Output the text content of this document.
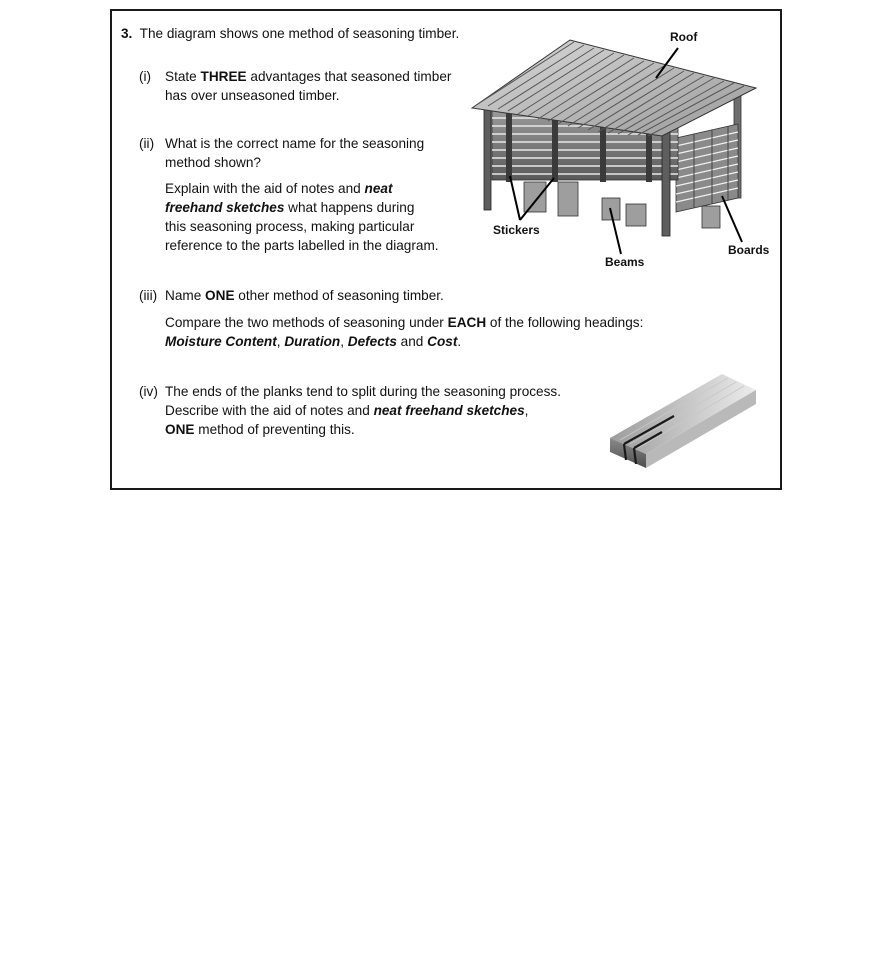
3. The diagram shows one method of seasoning timber.
(i) State THREE advantages that seasoned timber
has over unseasoned timber.
(ii) What is the correct name for the seasoning
method shown?
Explain with the aid of notes and neat
freehand sketches what happens during
this seasoning process, making particular
reference to the parts labelled in the diagram.
(iii) Name ONE other method of seasoning timber.
Compare the two methods of seasoning under EACH of the following headings:
Moisture Content, Duration, Defects and Cost.
(iv) The ends of the planks tend to split during the seasoning process.
Describe with the aid of notes and neat freehand sketches,
ONE method of preventing this.
Roof
Stickers
Beams
Boards
